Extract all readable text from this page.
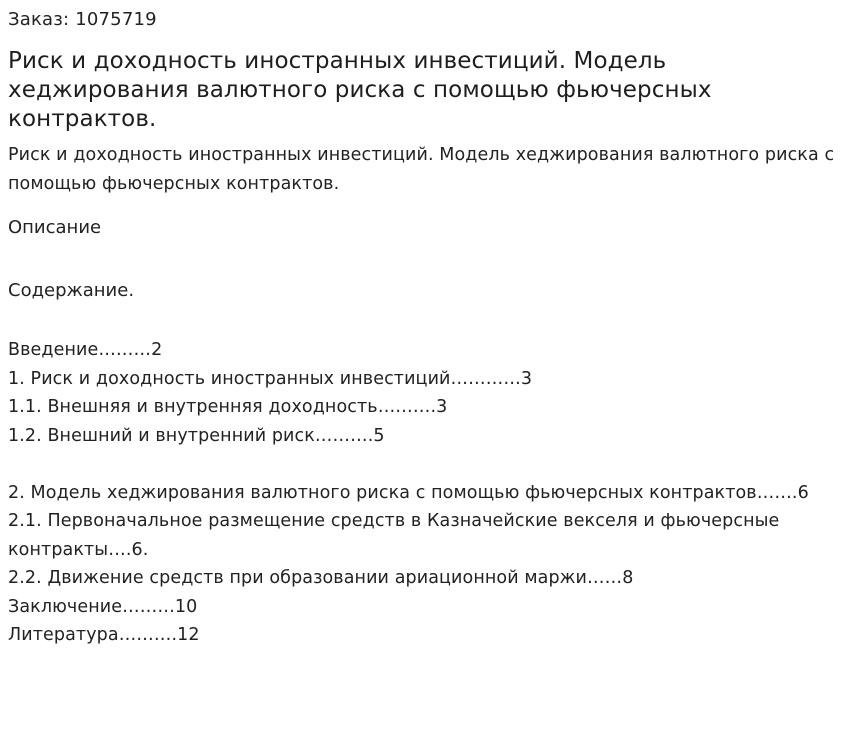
Заказ: 1075719

Риск и доходность иностранных инвестиций. Модель хеджирования валютного риска с помощью фьючерсных контрактов.

Риск и доходность иностранных инвестиций. Модель хеджирования валютного риска с помощью фьючерсных контрактов.

Описание

Содержание.

Введение………2

1. Риск и доходность иностранных инвестиций…………3

1.1. Внешняя и внутренняя доходность……….3

1.2. Внешний и внутренний риск……….5

2. Модель хеджирования валютного риска с помощью фьючерсных контрактов…….6

2.1. Первоначальное размещение средств в Казначейские векселя и фьючерсные контракты….6.

2.2. Движение средств при образовании ариационной маржи……8

Заключение………10

Литература……….12
